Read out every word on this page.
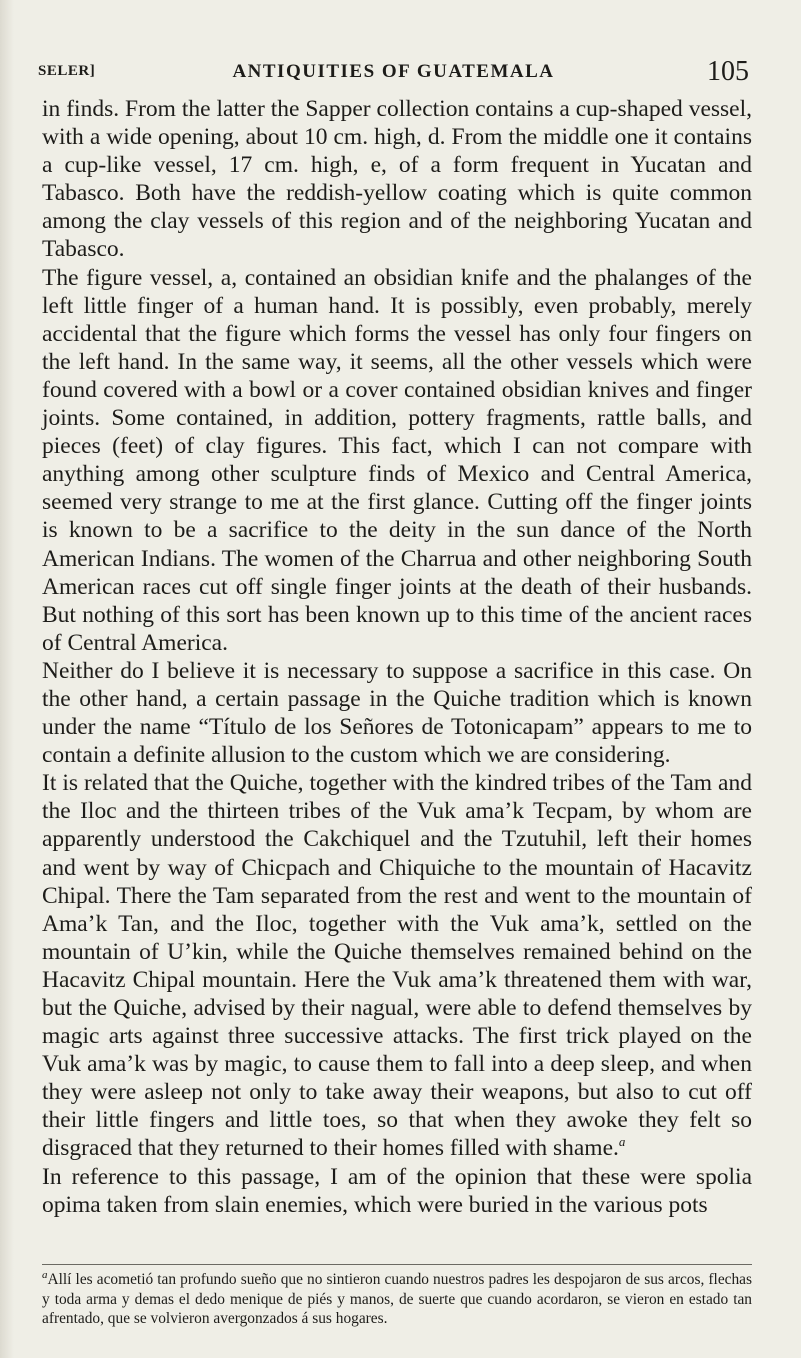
SELER]	ANTIQUITIES OF GUATEMALA	105

in finds. From the latter the Sapper collection contains a cup-shaped vessel, with a wide opening, about 10 cm. high, d. From the middle one it contains a cup-like vessel, 17 cm. high, e, of a form frequent in Yucatan and Tabasco. Both have the reddish-yellow coating which is quite common among the clay vessels of this region and of the neighboring Yucatan and Tabasco.

The figure vessel, a, contained an obsidian knife and the phalanges of the left little finger of a human hand. It is possibly, even probably, merely accidental that the figure which forms the vessel has only four fingers on the left hand. In the same way, it seems, all the other vessels which were found covered with a bowl or a cover contained obsidian knives and finger joints. Some contained, in addition, pottery fragments, rattle balls, and pieces (feet) of clay figures. This fact, which I can not compare with anything among other sculpture finds of Mexico and Central America, seemed very strange to me at the first glance. Cutting off the finger joints is known to be a sacrifice to the deity in the sun dance of the North American Indians. The women of the Charrua and other neighboring South American races cut off single finger joints at the death of their husbands. But nothing of this sort has been known up to this time of the ancient races of Central America.

Neither do I believe it is necessary to suppose a sacrifice in this case. On the other hand, a certain passage in the Quiche tradition which is known under the name “Título de los Señores de Totonicapam” appears to me to contain a definite allusion to the custom which we are considering.

It is related that the Quiche, together with the kindred tribes of the Tam and the Iloc and the thirteen tribes of the Vuk ama’k Tecpam, by whom are apparently understood the Cakchiquel and the Tzutuhil, left their homes and went by way of Chicpach and Chiquiche to the mountain of Hacavitz Chipal. There the Tam separated from the rest and went to the mountain of Ama’k Tan, and the Iloc, together with the Vuk ama’k, settled on the mountain of U’kin, while the Quiche themselves remained behind on the Hacavitz Chipal mountain. Here the Vuk ama’k threatened them with war, but the Quiche, advised by their nagual, were able to defend themselves by magic arts against three successive attacks. The first trick played on the Vuk ama’k was by magic, to cause them to fall into a deep sleep, and when they were asleep not only to take away their weapons, but also to cut off their little fingers and little toes, so that when they awoke they felt so disgraced that they returned to their homes filled with shame.$^a$

In reference to this passage, I am of the opinion that these were spolia opima taken from slain enemies, which were buried in the various pots

$^a$Allí les acometió tan profundo sueño que no sintieron cuando nuestros padres les despojaron de sus arcos, flechas y toda arma y demas el dedo menique de piés y manos, de suerte que cuando acordaron, se vieron en estado tan afrentado, que se volvieron avergonzados á sus hogares.
